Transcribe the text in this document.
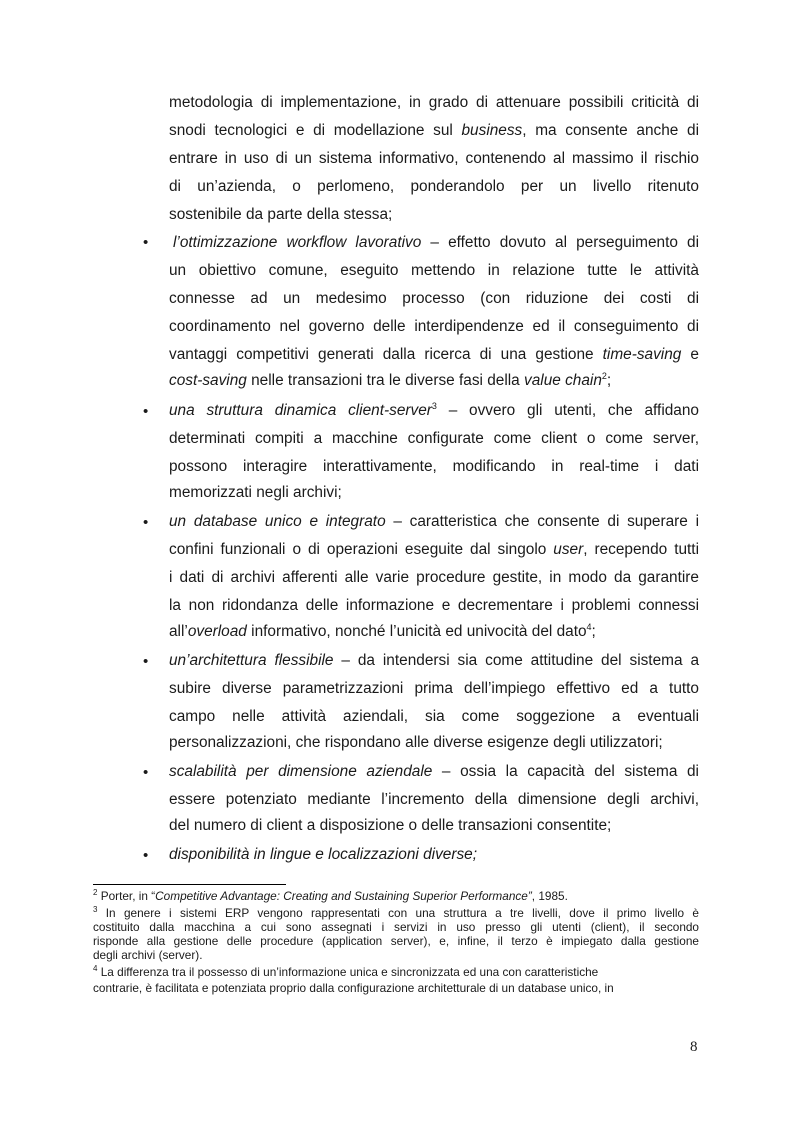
metodologia di implementazione, in grado di attenuare possibili criticità di
snodi tecnologici e di modellazione sul business, ma consente anche di
entrare in uso di un sistema informativo, contenendo al massimo il rischio
di un’azienda, o perlomeno, ponderandolo per un livello ritenuto
sostenibile da parte della stessa;
• l’ottimizzazione workflow lavorativo – effetto dovuto al perseguimento di
un obiettivo comune, eseguito mettendo in relazione tutte le attività
connesse ad un medesimo processo (con riduzione dei costi di
coordinamento nel governo delle interdipendenze ed il conseguimento di
vantaggi competitivi generati dalla ricerca di una gestione time-saving e
cost-saving nelle transazioni tra le diverse fasi della value chain$^2$;
• una struttura dinamica client-server$^3$ – ovvero gli utenti, che affidano
determinati compiti a macchine configurate come client o come server,
possono interagire interattivamente, modificando in real-time i dati
memorizzati negli archivi;
• un database unico e integrato – caratteristica che consente di superare i
confini funzionali o di operazioni eseguite dal singolo user, recependo tutti
i dati di archivi afferenti alle varie procedure gestite, in modo da garantire
la non ridondanza delle informazione e decrementare i problemi connessi
all’overload informativo, nonché l’unicità ed univocità del dato$^4$;
• un’architettura flessibile – da intendersi sia come attitudine del sistema a
subire diverse parametrizzazioni prima dell’impiego effettivo ed a tutto
campo nelle attività aziendali, sia come soggezione a eventuali
personalizzazioni, che rispondano alle diverse esigenze degli utilizzatori;
• scalabilità per dimensione aziendale – ossia la capacità del sistema di
essere potenziato mediante l’incremento della dimensione degli archivi,
del numero di client a disposizione o delle transazioni consentite;
• disponibilità in lingue e localizzazioni diverse;
$^2$ Porter, in “Competitive Advantage: Creating and Sustaining Superior Performance”, 1985.
$^3$ In genere i sistemi ERP vengono rappresentati con una struttura a tre livelli, dove il primo livello è
costituito dalla macchina a cui sono assegnati i servizi in uso presso gli utenti (client), il secondo
risponde alla gestione delle procedure (application server), e, infine, il terzo è impiegato dalla gestione
degli archivi (server).
$^4$ La differenza tra il possesso di un’informazione unica e sincronizzata ed una con caratteristiche
contrarie, è facilitata e potenziata proprio dalla configurazione architetturale di un database unico, in
8
